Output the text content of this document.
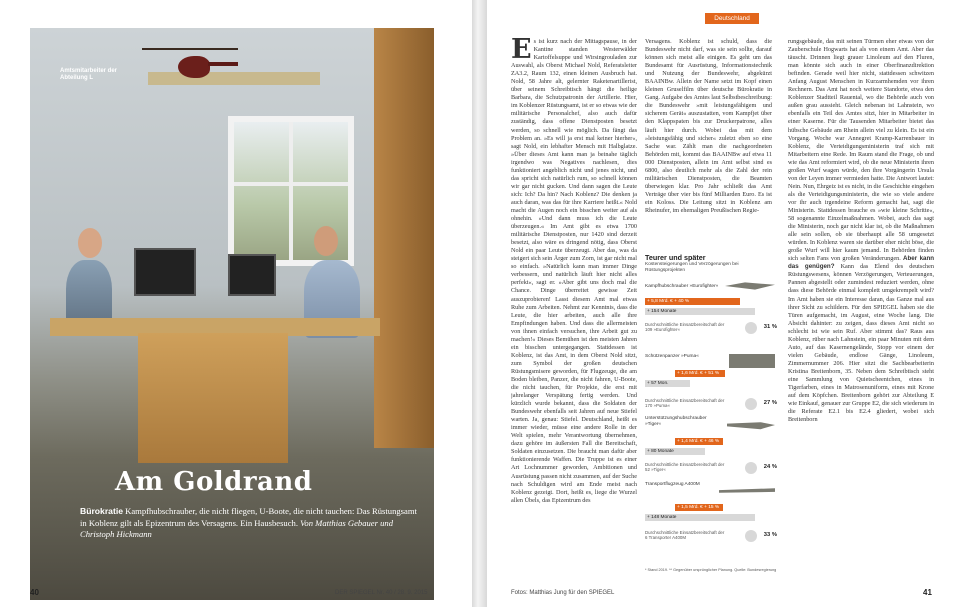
Amtsmitarbeiter der Abteilung L
Am Goldrand
Bürokratie Kampfhubschrauber, die nicht fliegen, U-Boote, die nicht tauchen: Das Rüstungsamt in Koblenz gilt als Epizentrum des Versagens. Ein Hausbesuch. Von Matthias Gebauer und Christoph Hickmann
40	DER SPIEGEL Nr. 40 / 28. 9. 2015
Deutschland
E s ist kurz nach der Mittagspause, in der Kantine standen Westerwälder Kartoffelsuppe und Wirsingrouladen zur Auswahl, als Oberst Michael Nold, Referatsleiter ZA3.2, Raum 132, einen kleinen Ausbruch hat. Nold, 58 Jahre alt, gelernter Raketenartillerist, über seinem Schreibtisch hängt die heilige Barbara, die Schutzpatronin der Artillerie. Hier, im Koblenzer Rüstungsamt, ist er so etwas wie der militärische Personalchef, also auch dafür zuständig, dass offene Dienstposten besetzt werden, so schnell wie möglich. Da fängt das Problem an. »Es will ja erst mal keiner hierher«, sagt Nold, ein lebhafter Mensch mit Halbglatze. »Über dieses Amt kann man ja beinahe täglich irgendwo was Negatives nachlesen, dies funktioniert angeblich nicht und jenes nicht, und das spricht sich natürlich rum, so schnell können wir gar nicht gucken. Und dann sagen die Leute sich: Ich? Da hin? Nach Koblenz? Die denken ja auch daran, was das für ihre Karriere heißt.« Nold macht die Augen noch ein bisschen weiter auf als ohnehin. »Und dann muss ich die Leute überzeugen.« Im Amt gibt es etwa 1700 militärische Dienstposten, nur 1420 sind derzeit besetzt, also wäre es dringend nötig, dass Oberst Nold ein paar Leute überzeugt. Aber das, was da steigert sich sein Ärger zum Zorn, ist gar nicht mal so einfach. »Natürlich kann man immer Dinge verbessern, und natürlich läuft hier nicht alles perfekt«, sagt er. »Aber gibt uns doch mal die Chance. Dinge überreitet gewisse Zeit auszuprobieren! Lasst diesem Amt mal etwas Ruhe zum Arbeiten. Nehmt zur Kenntnis, dass die Leute, die hier arbeiten, auch alle ihre Empfindungen haben. Und dass die allermeisten von ihnen einfach versuchen, ihre Arbeit gut zu machen!« Dieses Bemühen ist den meisten Jahren ein bisschen untergegangen. Stattdessen ist Koblenz, ist das Amt, in dem Oberst Nold sitzt, zum Symbol der großen deutschen Rüstungsmisere geworden, für Flugzeuge, die am Boden bleiben, Panzer, die nicht fahren, U-Boote, die nicht tauchen, für Projekte, die erst mit jahrelanger Verspätung fertig werden. Und kürzlich wurde bekannt, dass die Soldaten der Bundeswehr ebenfalls seit Jahren auf neue Stiefel warten. Ja, genau: Stiefel. Deutschland, heißt es immer wieder, müsse eine andere Rolle in der Welt spielen, mehr Verantwortung übernehmen, dazu gehöre im äußersten Fall die Bereitschaft, Soldaten einzusetzen. Die braucht man dafür aber funktionierende Waffen. Die Truppe ist es einer Art Lochnummer geworden, Ambitionen und Ausrüstung passen nicht zusammen, auf der Suche nach Schuldigen wird am Ende meist nach Koblenz gezeigt. Dort, heißt es, liege die Wurzel allen Übels, das Epizentrum des
Versagens. Koblenz ist schuld, dass die Bundeswehr nicht darf, was sie sein sollte, darauf können sich meist alle einigen. Es geht um das Bundesamt für Ausrüstung, Informationstechnik und Nutzung der Bundeswehr, abgekürzt BAAINBw. Allein der Name setzt im Kopf einen kleinen Gruselfilm über deutsche Bürokratie in Gang. Aufgabe des Amtes laut Selbstbeschreibung: die Bundeswehr »mit leistungsfähigem und sicherem Gerät« auszustatten, vom Kampfjet über den Klappspaten bis zur Druckerpatrone, alles läuft hier durch. Wobei das mit dem »leistungsfähig und sicher« zuletzt eben so eine Sache war. Zählt man die nachgeordneten Behörden mit, kommt das BAAINBw auf etwa 11 000 Dienstposten, allein im Amt selbst sind es 6800, also deutlich mehr als die Zahl der rein militärischen Dienstposten, die Beamten überwiegen klar. Pro Jahr schließt das Amt Verträge über vier bis fünf Milliarden Euro. Es ist ein Koloss. Die Leitung sitzt in Koblenz am Rheinufer, im ehemaligen Preußischen Regie-
Teurer und später
Kostensteigerungen und Verzögerungen bei Rüstungsprojekten
Kampfhubschrauber »Eurofighter«
+ 5,8 Mrd. € + 40 %
+ 154 Monate
Durchschnittliche Einsatzbereitschaft der 109 »Eurofighter«	31 %
Schützenpanzer »Puma«
+ 1,6 Mrd. € + 51 %
+ 57 Mon.
Durchschnittliche Einsatzbereitschaft der 170 »Puma«	27 %
Unterstützungshubschrauber »Tiger«
+ 1,4 Mrd. € + 46 %
+ 80 Monate
Durchschnittliche Einsatzbereitschaft der 52 »Tiger«	24 %
Transportflugzeug A400M
+ 1,5 Mrd. € + 15 %
+ 148 Monate
Durchschnittliche Einsatzbereitschaft der 6 Transporter A400M	33 %
* Stand 2019. ** Gegenüber ursprünglicher Planung. Quelle: Bundesregierung
rungsgebäude, das mit seinen Türmen eher etwas von der Zauberschule Hogwarts hat als von einem Amt. Aber das täuscht. Drinnen liegt grauer Linoleum auf den Fluren, man könnte sich auch in einer Oberfinanzdirektion befinden. Gerade weil hier nicht, stattdessen schwitzen Anfang August Menschen in Kurzarmhemden vor ihren Rechnern. Das Amt hat noch weitere Standorte, etwa den Koblenzer Stadtteil Rauental, wo die Behörde auch von außen grau aussieht. Gleich nebenan ist Lahnstein, wo ebenfalls ein Teil des Amtes sitzt, hier in Mitarbeiter in einer Kaserne. Für die Tausenden Mitarbeiter bietet das hübsche Gebäude am Rhein allein viel zu klein. Es ist ein Vorgang. Woche war Annegret Kramp-Karrenbauer in Koblenz, die Verteidigungsministerin traf sich mit Mitarbeitern eine Rede. Im Raum stand die Frage, ob und wie das Amt reformiert wird, ob die neue Ministerin ihren großen Wurf wagen würde, den ihre Vorgängerin Ursula von der Leyen immer vermieden hatte. Die Antwort lautet: Nein. Nun, Ehrgeiz ist es nicht, in die Geschichte eingehen als die Verteidigungsministerin, die wie so viele andere vor ihr auch irgendeine Reform gemacht hat, sagt die Ministerin. Stattdessen brauche es »wie kleine Schritte«, 58 sogenannte Einzelmaßnahmen. Wobei, auch das sagt die Ministerin, noch gar nicht klar ist, ob die Maßnahmen alle sein sollen, ob sie überhaupt alle 58 umgesetzt würden. In Koblenz waren sie darüber eher nicht böse, die große Wurf will hier kaum jemand. In Behörden finden sich selten Fans von großen Veränderungen. Aber kann das genügen? Kann das Elend des deutschen Rüstungswesens, können Verzögerungen, Verteuerungen, Pannen abgestellt oder zumindest reduziert werden, ohne dass diese Behörde einmal komplett umgekrempelt wird? Im Amt haben sie ein Interesse daran, das Ganze mal aus ihrer Sicht zu schildern. Für den SPIEGEL haben sie die Türen aufgemacht, im August, eine Woche lang. Die Absicht dahinter: zu zeigen, dass dieses Amt nicht so schlecht ist wie sein Ruf. Aber stimmt das? Raus aus Koblenz, rüber nach Lahnstein, ein paar Minuten mit dem Auto, auf das Kasernengelände, Stopp vor einem der vielen Gebäude, endlose Gänge, Linoleum, Zimmernummer 206. Hier sitzt die Sachbearbeiterin Kristina Breitenborn, 35. Neben dem Schreibtisch steht eine Sammlung von Quietscheentchen, eines in Tigerfarben, eines in Matrosenuniform, eines mit Krone auf dem Köpfchen. Breitenborn gehört zur Abteilung E wie Einkauf, genauer zur Gruppe E2, die sich wiederum in die Referate E2.1 bis E2.4 gliedert, wobei sich Breitenborn
Fotos: Matthias Jung für den SPIEGEL	41
